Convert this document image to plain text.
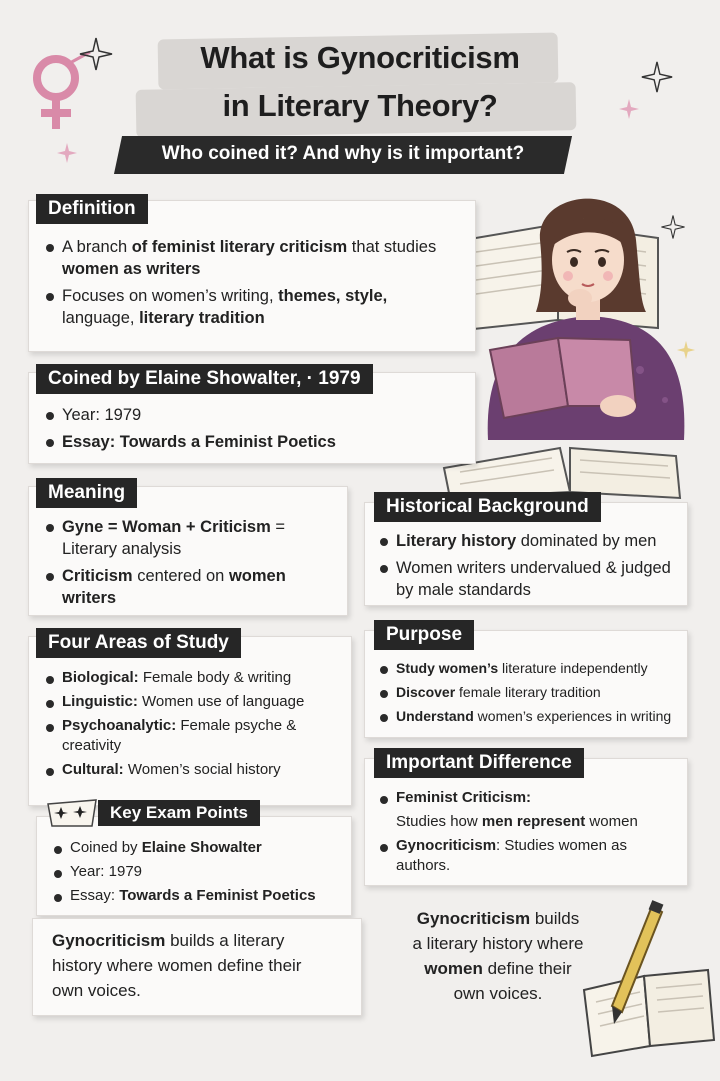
What is Gynocriticism
in Literary Theory?
Who coined it? And why is it important?
Definition
A branch of feminist literary criticism that studies women as writers
Focuses on women’s writing, themes, style, language, literary tradition
Coined by Elaine Showalter, · 1979
Year: 1979
Essay: Towards a Feminist Poetics
Meaning
Gyne = Woman + Criticism = Literary analysis
Criticism centered on women writers
Historical Background
Literary history dominated by men
Women writers undervalued & judged by male standards
Four Areas of Study
Biological: Female body & writing
Linguistic: Women use of language
Psychoanalytic: Female psyche & creativity
Cultural: Women’s social history
Purpose
Study women’s literature independently
Discover female literary tradition
Understand women’s experiences in writing
Important Difference
Feminist Criticism:
Studies how men represent women
Gynocriticism: Studies women as authors.
Key Exam Points
Coined by Elaine Showalter
Year: 1979
Essay: Towards a Feminist Poetics
Gynocriticism builds a literary
history where women define their
own voices.
Gynocriticism builds
a literary history where
women define their
own voices.
